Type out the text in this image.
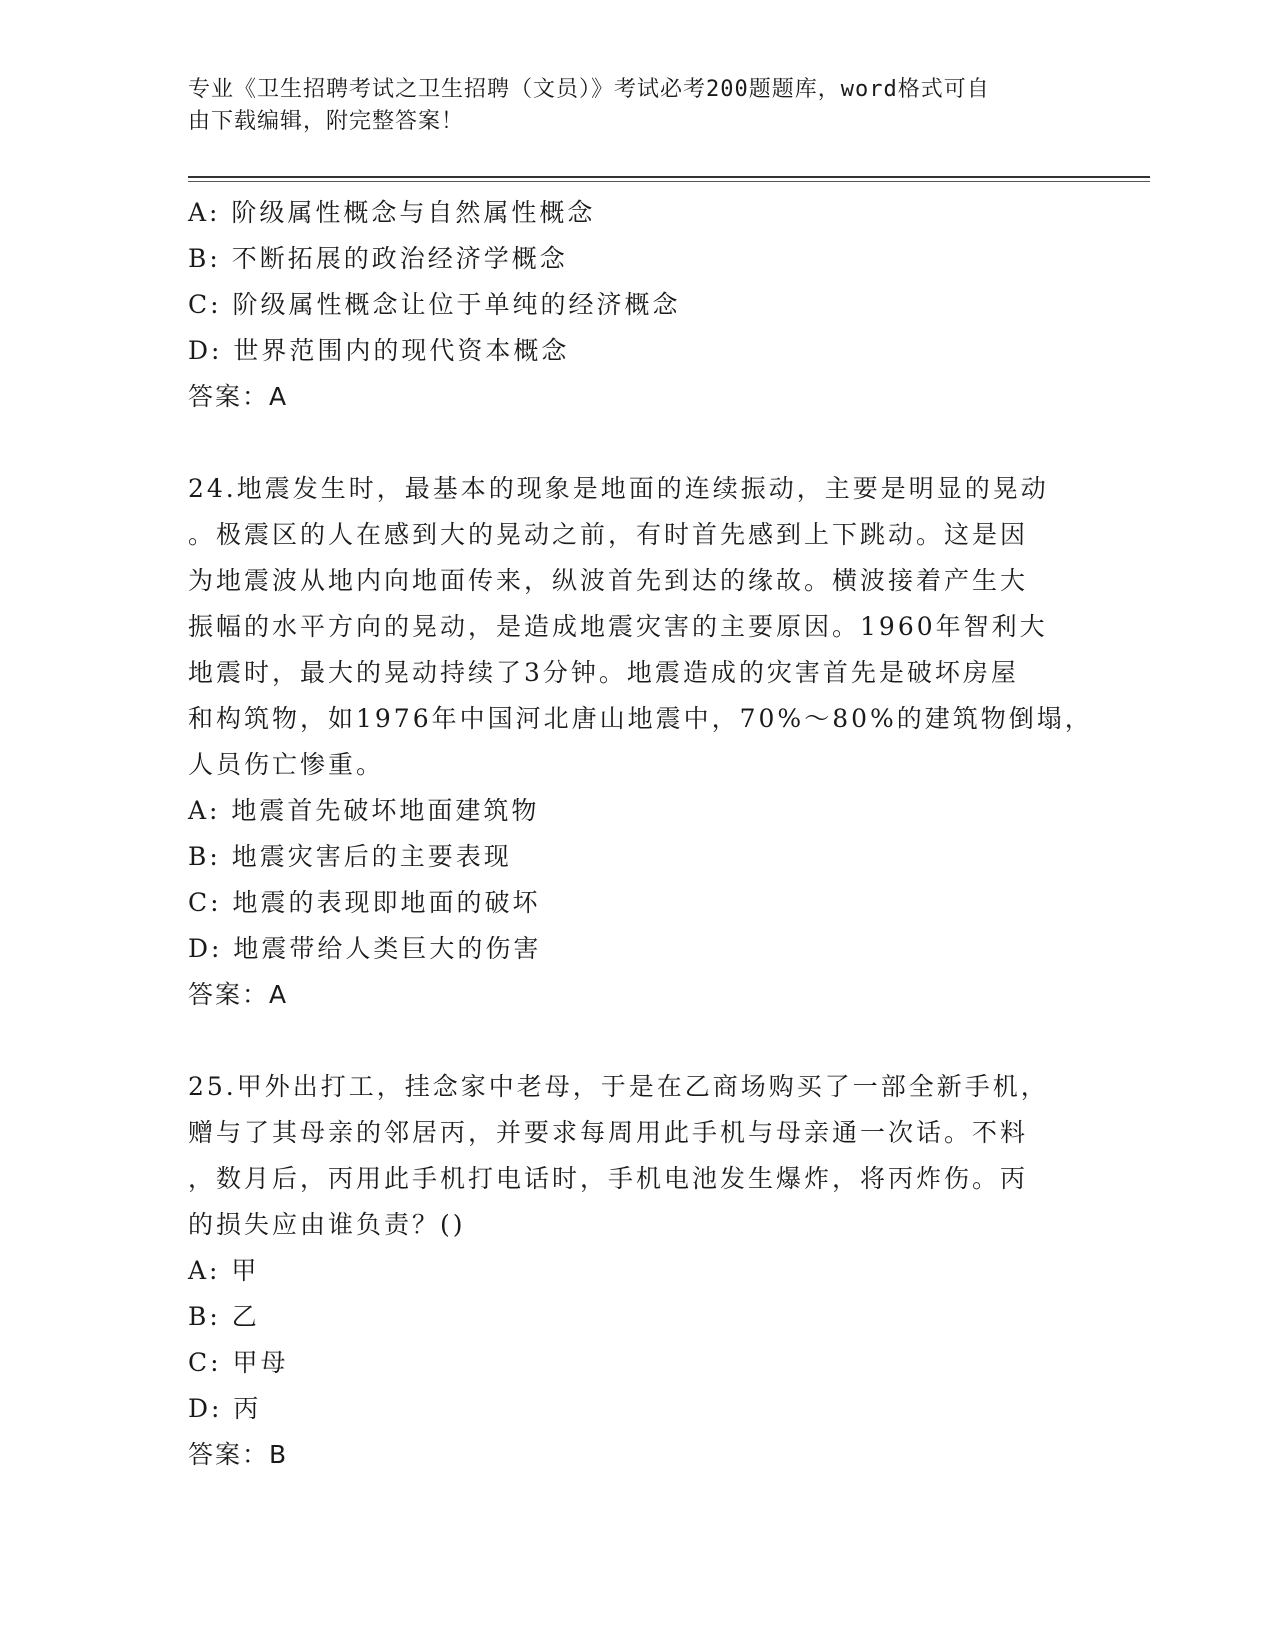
专业《卫生招聘考试之卫生招聘（文员）》考试必考200题题库，word格式可自
由下载编辑，附完整答案！
A: 阶级属性概念与自然属性概念
B: 不断拓展的政治经济学概念
C: 阶级属性概念让位于单纯的经济概念
D: 世界范围内的现代资本概念
答案：A
24.地震发生时，最基本的现象是地面的连续振动，主要是明显的晃动
。极震区的人在感到大的晃动之前，有时首先感到上下跳动。这是因
为地震波从地内向地面传来，纵波首先到达的缘故。横波接着产生大
振幅的水平方向的晃动，是造成地震灾害的主要原因。1960年智利大
地震时，最大的晃动持续了3分钟。地震造成的灾害首先是破坏房屋
和构筑物，如1976年中国河北唐山地震中，70%～80%的建筑物倒塌，
人员伤亡惨重。
A: 地震首先破坏地面建筑物
B: 地震灾害后的主要表现
C: 地震的表现即地面的破坏
D: 地震带给人类巨大的伤害
答案：A
25.甲外出打工，挂念家中老母，于是在乙商场购买了一部全新手机，
赠与了其母亲的邻居丙，并要求每周用此手机与母亲通一次话。不料
，数月后，丙用此手机打电话时，手机电池发生爆炸，将丙炸伤。丙
的损失应由谁负责？()
A: 甲
B: 乙
C: 甲母
D: 丙
答案：B
